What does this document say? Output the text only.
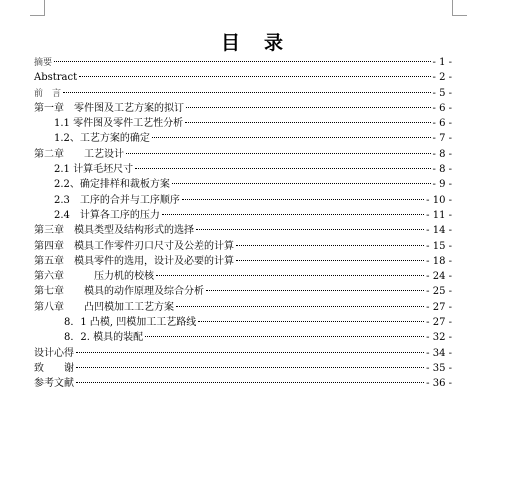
目 录
摘要	- 1 -
Abstract	- 2 -
前　言	- 5 -
第一章　零件图及工艺方案的拟订	- 6 -
1.1 零件图及零件工艺性分析	- 6 -
1.2、工艺方案的确定	- 7 -
第二章　　工艺设计	- 8 -
2.1 计算毛坯尺寸	- 8 -
2.2、确定排样和裁板方案	- 9 -
2.3　工序的合并与工序顺序	- 10 -
2.4　计算各工序的压力	- 11 -
第三章　模具类型及结构形式的选择	- 14 -
第四章　模具工作零件刃口尺寸及公差的计算	- 15 -
第五章　模具零件的选用，设计及必要的计算	- 18 -
第六章　　　压力机的校核	- 24 -
第七章　　模具的动作原理及综合分析	- 25 -
第八章　　凸凹模加工工艺方案	- 27 -
8．1 凸模, 凹模加工工艺路线	- 27 -
8．2. 模具的装配	- 32 -
设计心得	- 34 -
致　　谢	- 35 -
参考文献	- 36 -
